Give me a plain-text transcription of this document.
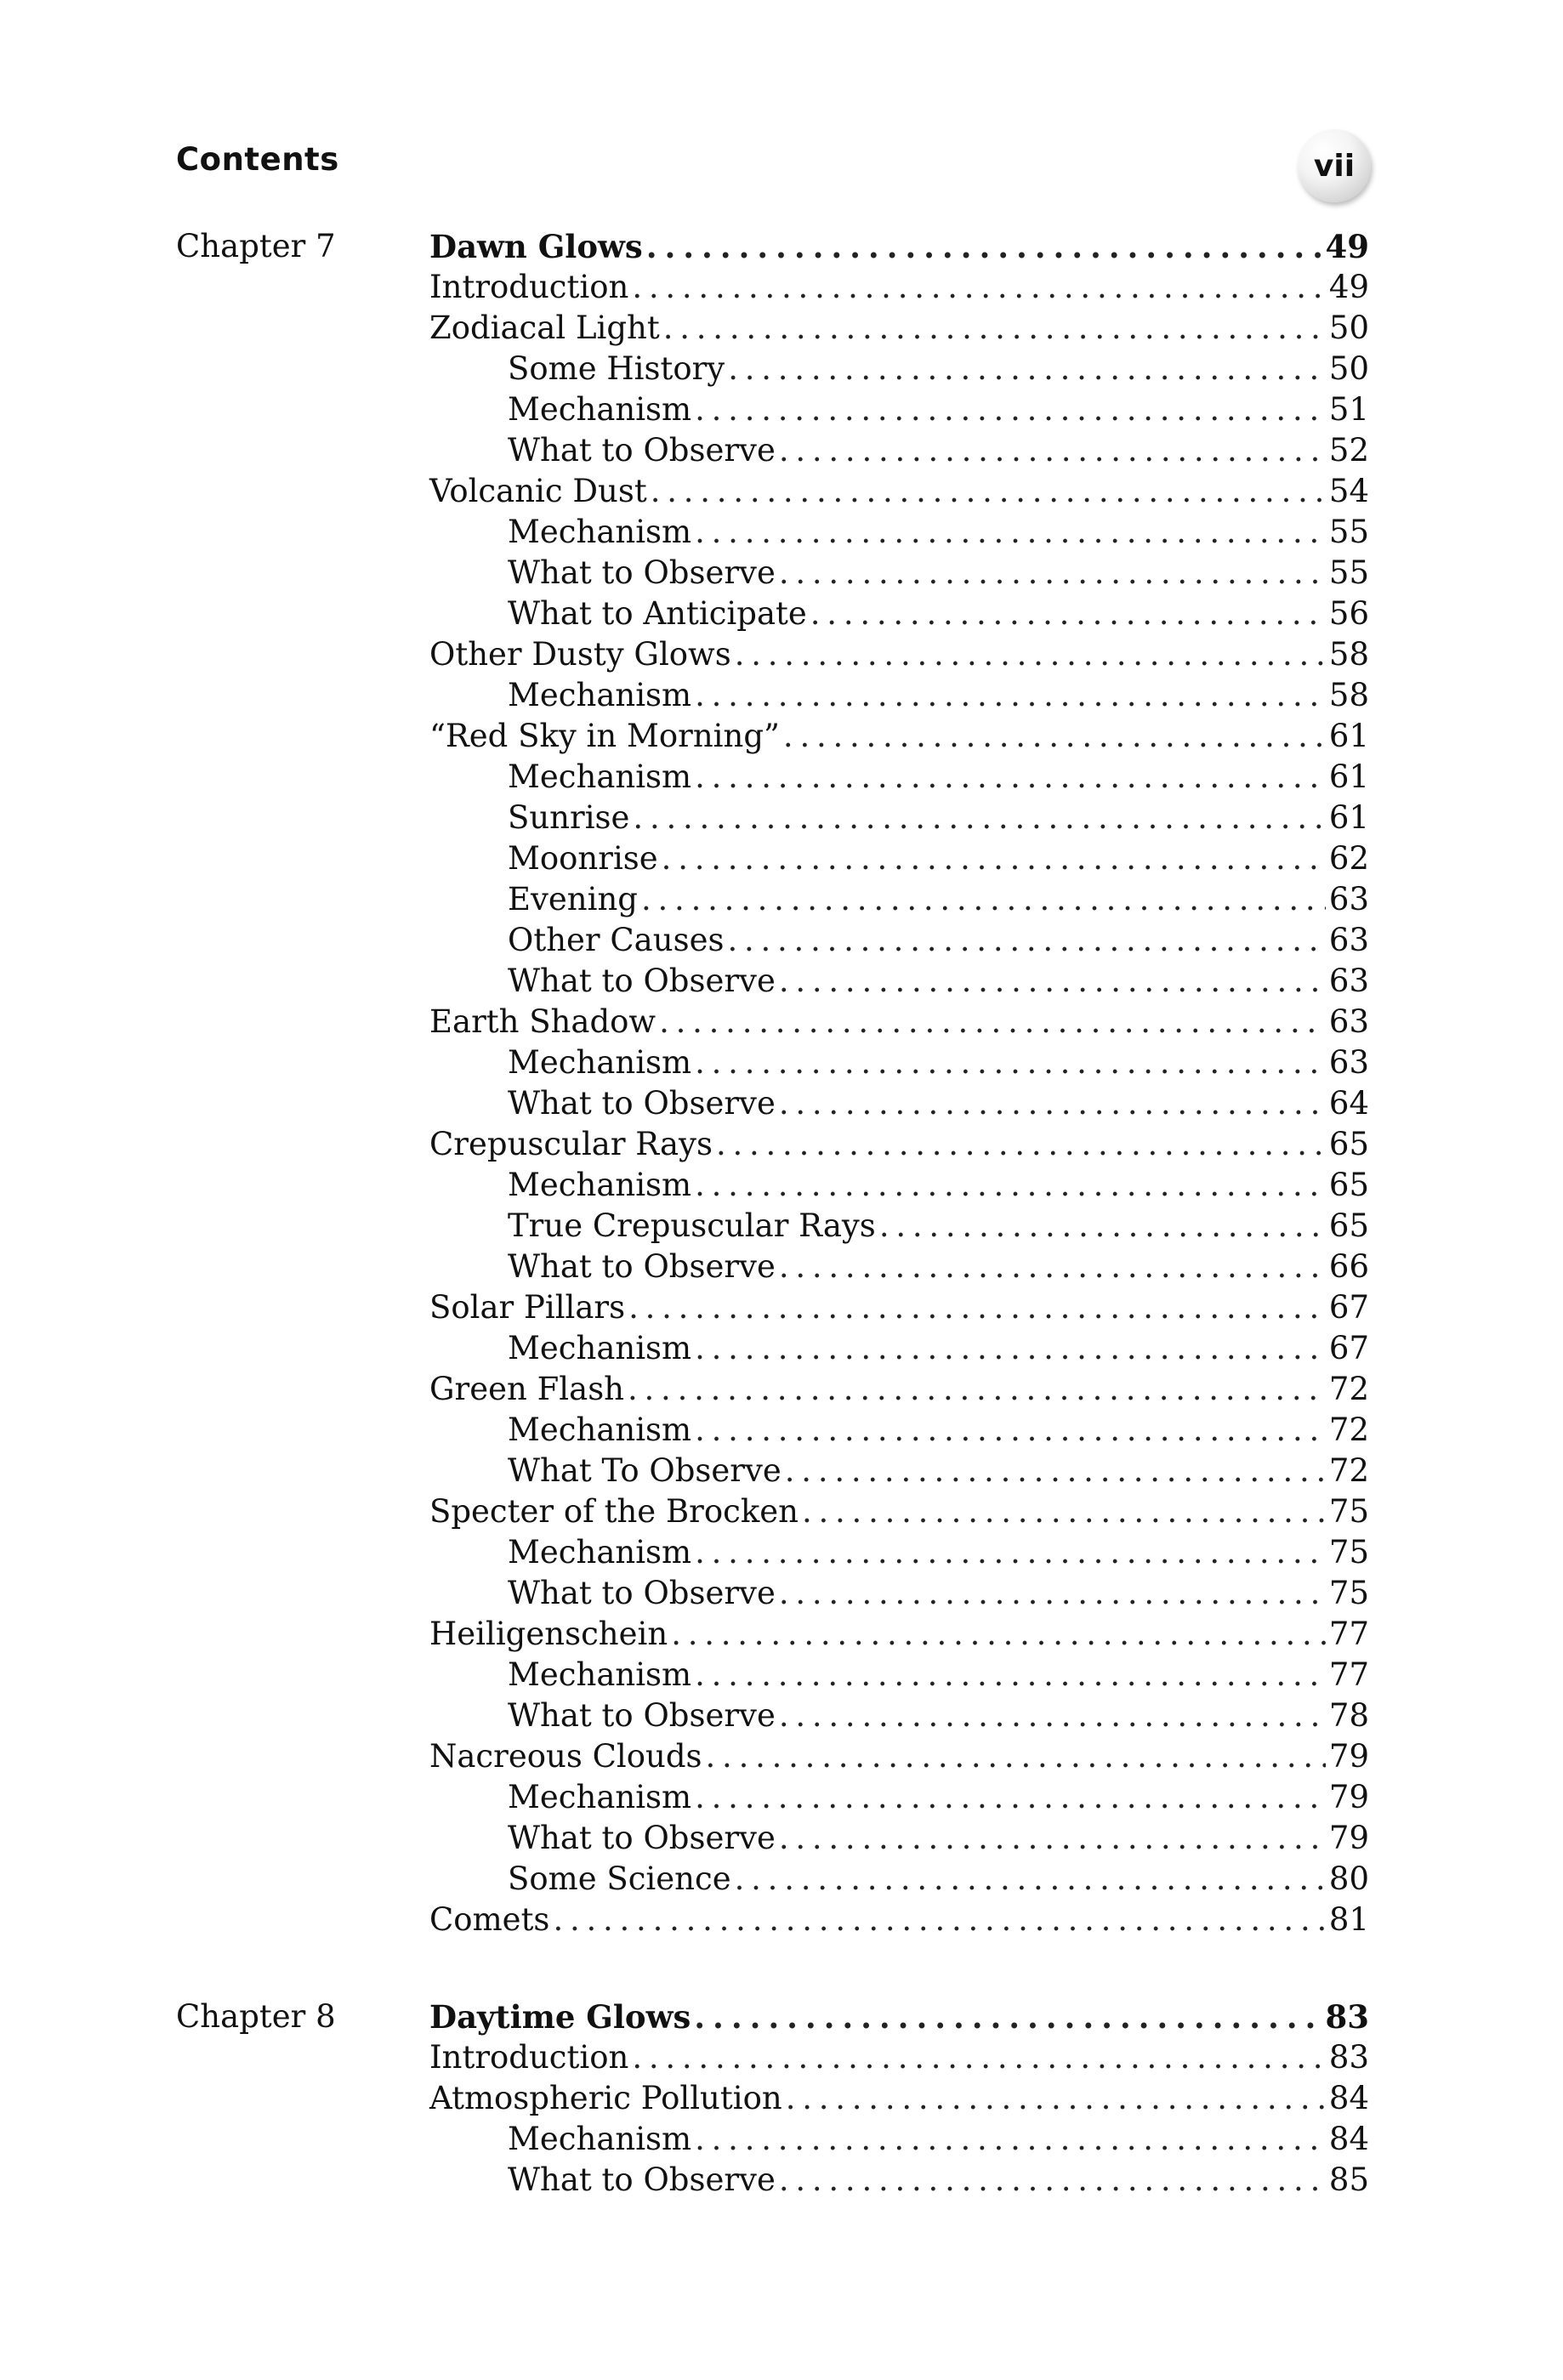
Contents	vii
Chapter 7	Dawn Glows . . .	49
Introduction . . .	49
Zodiacal Light . . .	50
Some History . . .	50
Mechanism . . .	51
What to Observe . . .	52
Volcanic Dust . . .	54
Mechanism . . .	55
What to Observe . . .	55
What to Anticipate . . .	56
Other Dusty Glows . . .	58
Mechanism . . .	58
“Red Sky in Morning” . . .	61
Mechanism . . .	61
Sunrise . . .	61
Moonrise . . .	62
Evening . . .	63
Other Causes . . .	63
What to Observe . . .	63
Earth Shadow . . .	63
Mechanism . . .	63
What to Observe . . .	64
Crepuscular Rays . . .	65
Mechanism . . .	65
True Crepuscular Rays . . .	65
What to Observe . . .	66
Solar Pillars . . .	67
Mechanism . . .	67
Green Flash . . .	72
Mechanism . . .	72
What To Observe . . .	72
Specter of the Brocken . . .	75
Mechanism . . .	75
What to Observe . . .	75
Heiligenschein . . .	77
Mechanism . . .	77
What to Observe . . .	78
Nacreous Clouds . . .	79
Mechanism . . .	79
What to Observe . . .	79
Some Science . . .	80
Comets . . .	81
Chapter 8	Daytime Glows . . .	83
Introduction . . .	83
Atmospheric Pollution . . .	84
Mechanism . . .	84
What to Observe . . .	85
